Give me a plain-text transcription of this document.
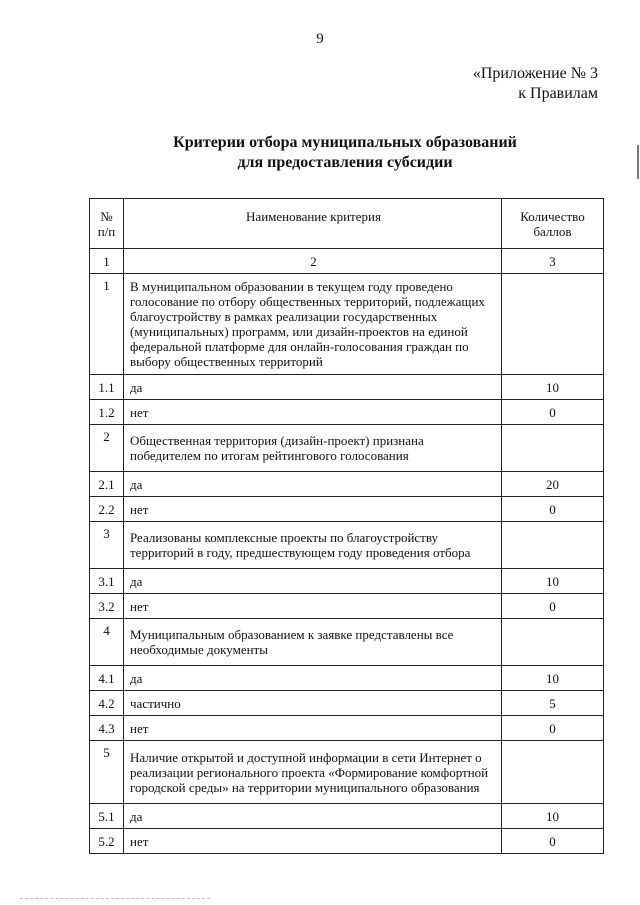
9
«Приложение № 3
к Правилам
Критерии отбора муниципальных образований
для предоставления субсидии
№
п/п	Наименование критерия	Количество
баллов
1	2	3
1	В муниципальном образовании в текущем году проведено голосование по отбору общественных территорий, подлежащих благоустройству в рамках реализации государственных (муниципальных) программ, или дизайн-проектов на единой федеральной платформе для онлайн-голосования граждан по выбору общественных территорий	
1.1	да	10
1.2	нет	0
2	Общественная территория (дизайн-проект) признана победителем по итогам рейтингового голосования	
2.1	да	20
2.2	нет	0
3	Реализованы комплексные проекты по благоустройству территорий в году, предшествующем году проведения отбора	
3.1	да	10
3.2	нет	0
4	Муниципальным образованием к заявке представлены все необходимые документы	
4.1	да	10
4.2	частично	5
4.3	нет	0
5	Наличие открытой и доступной информации в сети Интернет о реализации регионального проекта «Формирование комфортной городской среды» на территории муниципального образования	
5.1	да	10
5.2	нет	0
